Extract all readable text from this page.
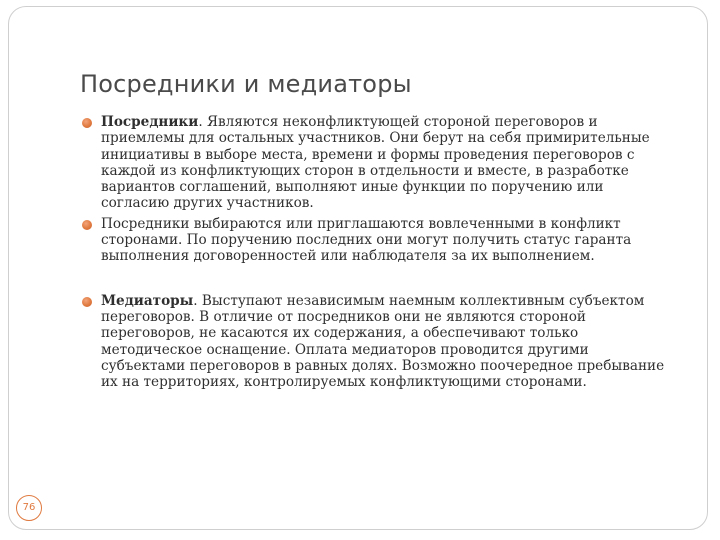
Посредники и медиаторы
Посредники. Являются неконфликтующей стороной переговоров и приемлемы для остальных участников. Они берут на себя примирительные инициативы в выборе места, времени и формы проведения переговоров с каждой из конфликтующих сторон в отдельности и вместе, в разработке вариантов соглашений, выполняют иные функции по поручению или согласию других участников.
Посредники выбираются или приглашаются вовлеченными в конфликт сторонами. По поручению последних они могут получить статус гаранта выполнения договоренностей или наблюдателя за их выполнением.
Медиаторы. Выступают независимым наемным коллективным субъектом переговоров. В отличие от посредников они не являются стороной переговоров, не касаются их содержания, а обеспечивают только методическое оснащение. Оплата медиаторов проводится другими субъектами переговоров в равных долях. Возможно поочередное пребывание их на территориях, контролируемых конфликтующими сторонами.
76
